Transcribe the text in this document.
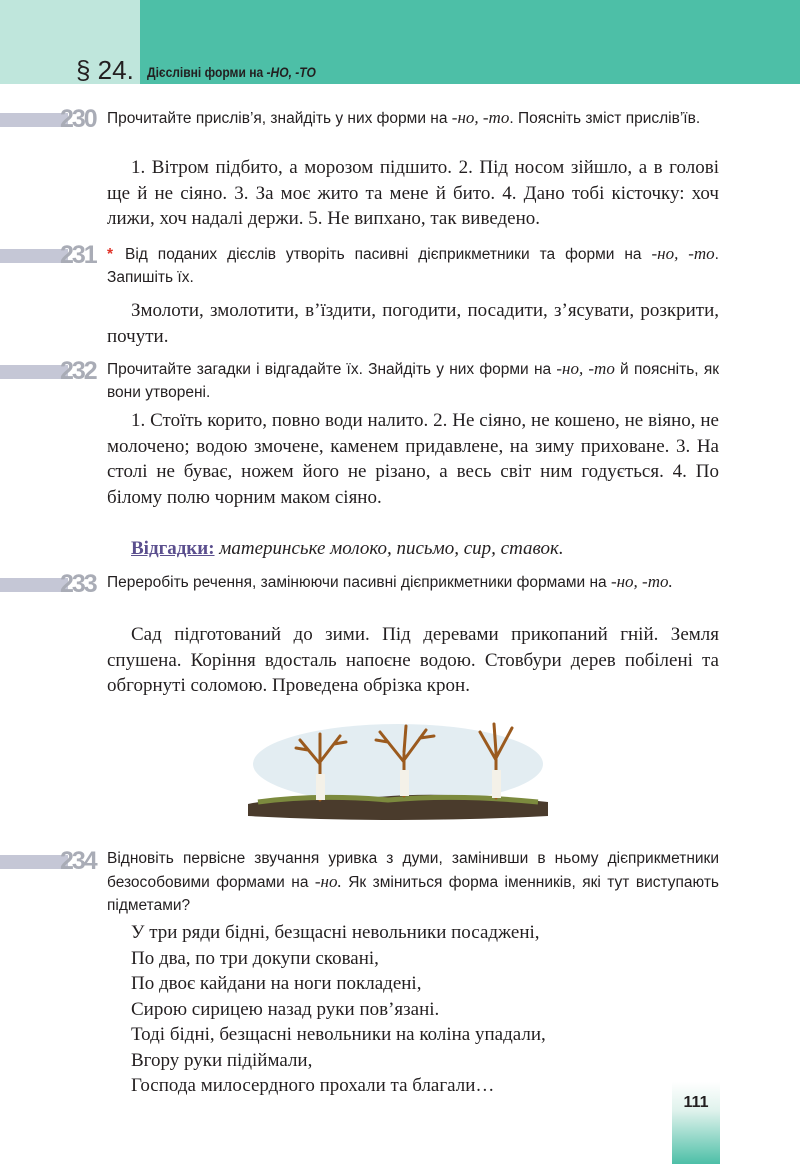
§ 24. Дієслівні форми на -НО, -ТО
230 Прочитайте прислів’я, знайдіть у них форми на -но, -то. Поясніть зміст прислів’їв.
1. Вітром підбито, а морозом підшито. 2. Під носом зійшло, а в голові ще й не сіяно. 3. За моє жито та мене й бито. 4. Дано тобі кісточку: хоч лижи, хоч надалі держи. 5. Не випхано, так виведено.
231 * Від поданих дієслів утворіть пасивні дієприкметники та форми на -но, -то. Запишіть їх.
Змолоти, змолотити, в’їздити, погодити, посадити, з’ясувати, розкрити, почути.
232 Прочитайте загадки і відгадайте їх. Знайдіть у них форми на -но, -то й поясніть, як вони утворені.
1. Стоїть корито, повно води налито. 2. Не сіяно, не кошено, не віяно, не молочено; водою змочене, каменем придавлене, на зиму приховане. 3. На столі не буває, ножем його не різано, а весь світ ним годується. 4. По білому полю чорним маком сіяно.
Відгадки: материнське молоко, письмо, сир, ставок.
233 Переробіть речення, замінюючи пасивні дієприкметники формами на -но, -то.
Сад підготований до зими. Під деревами прикопаний гній. Земля спушена. Коріння вдосталь напоєне водою. Стовбури дерев побілені та обгорнуті соломою. Проведена обрізка крон.
234 Відновіть первісне звучання уривка з думи, замінивши в ньому дієприкметники безособовими формами на -но. Як зміниться форма іменників, які тут виступають підметами?
У три ряди бідні, безщасні невольники посаджені,
По два, по три докупи сковані,
По двоє кайдани на ноги покладені,
Сирою сирицею назад руки пов’язані.
Тоді бідні, безщасні невольники на коліна упадали,
Вгору руки підіймали,
Господа милосердного прохали та благали…
111
